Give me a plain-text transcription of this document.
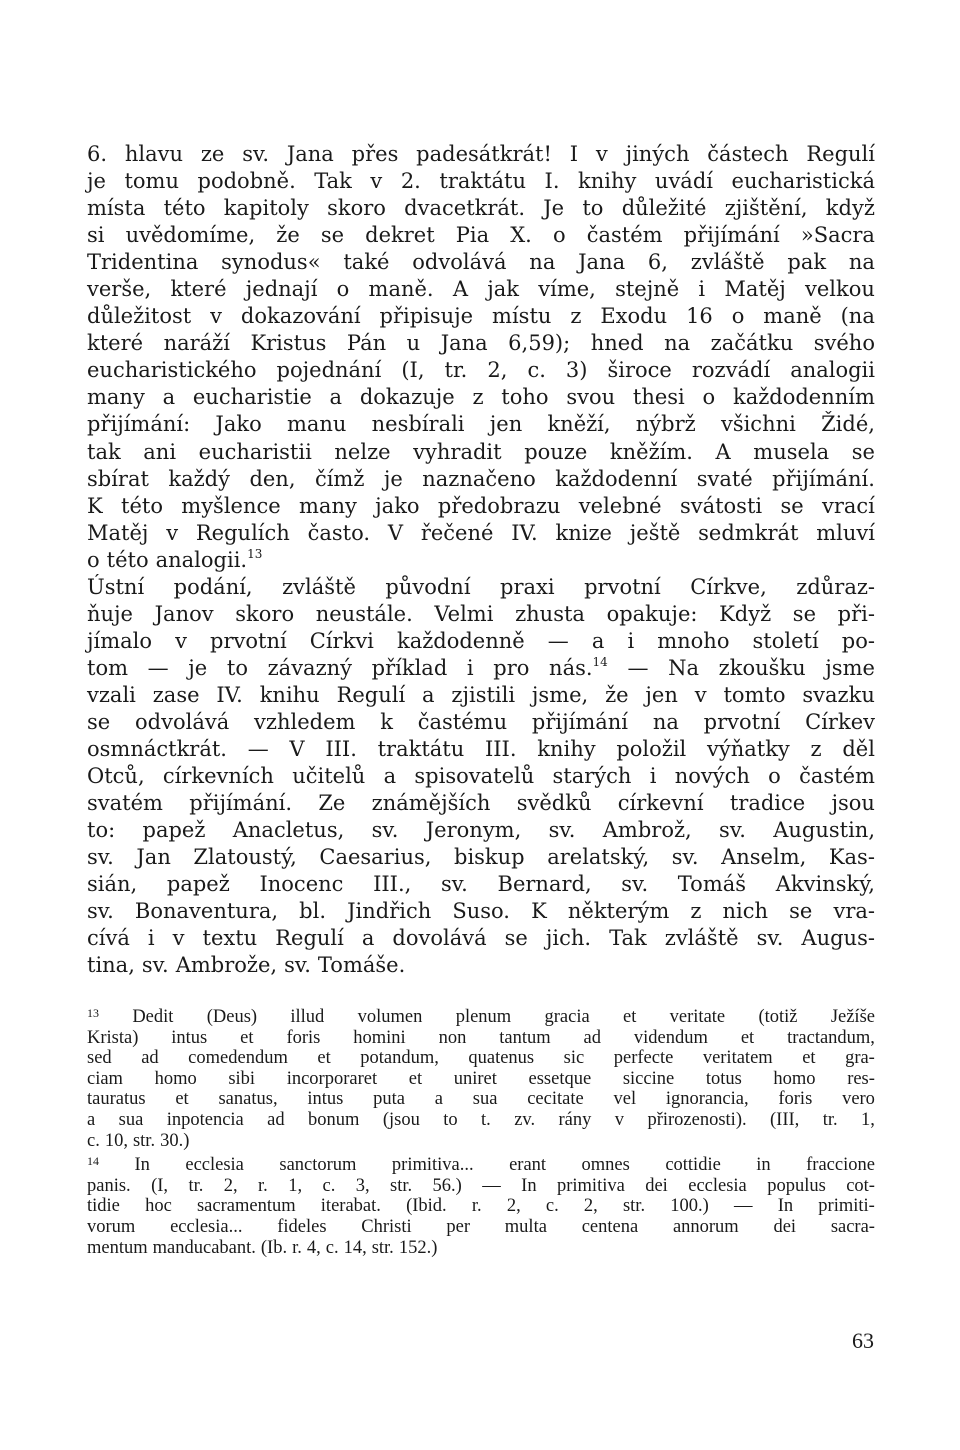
6. hlavu ze sv. Jana přes padesátkrát! I v jiných částech Regulí
je tomu podobně. Tak v 2. traktátu I. knihy uvádí eucharistická
místa této kapitoly skoro dvacetkrát. Je to důležité zjištění, když
si uvědomíme, že se dekret Pia X. o častém přijímání »Sacra
Tridentina synodus« také odvolává na Jana 6, zvláště pak na
verše, které jednají o maně. A jak víme, stejně i Matěj velkou
důležitost v dokazování připisuje místu z Exodu 16 o maně (na
které naráží Kristus Pán u Jana 6,59); hned na začátku svého
eucharistického pojednání (I, tr. 2, c. 3) široce rozvádí analogii
many a eucharistie a dokazuje z toho svou thesi o každodenním
přijímání: Jako manu nesbírali jen kněží, nýbrž všichni Židé,
tak ani eucharistii nelze vyhradit pouze kněžím. A musela se
sbírat každý den, čímž je naznačeno každodenní svaté přijímání.
K této myšlence many jako předobrazu velebné svátosti se vrací
Matěj v Regulích často. V řečené IV. knize ještě sedmkrát mluví
o této analogii.$^{13}$
Ústní podání, zvláště původní praxi prvotní Církve, zdůraz-
ňuje Janov skoro neustále. Velmi zhusta opakuje: Když se při-
jímalo v prvotní Církvi každodenně — a i mnoho století po-
tom — je to závazný příklad i pro nás.$^{14}$ — Na zkoušku jsme
vzali zase IV. knihu Regulí a zjistili jsme, že jen v tomto svazku
se odvolává vzhledem k častému přijímání na prvotní Církev
osmnáctkrát. — V III. traktátu III. knihy položil výňatky z děl
Otců, církevních učitelů a spisovatelů starých i nových o častém
svatém přijímání. Ze známějších svědků církevní tradice jsou
to: papež Anacletus, sv. Jeronym, sv. Ambrož, sv. Augustin,
sv. Jan Zlatoustý, Caesarius, biskup arelatský, sv. Anselm, Kas-
sián, papež Inocenc III., sv. Bernard, sv. Tomáš Akvinský,
sv. Bonaventura, bl. Jindřich Suso. K některým z nich se vra-
cívá i v textu Regulí a dovolává se jich. Tak zvláště sv. Augus-
tina, sv. Ambrože, sv. Tomáše.
$^{13}$ Dedit (Deus) illud volumen plenum gracia et veritate (totiž Ježíše
Krista) intus et foris homini non tantum ad videndum et tractandum,
sed ad comedendum et potandum, quatenus sic perfecte veritatem et gra-
ciam homo sibi incorporaret et uniret essetque siccine totus homo res-
tauratus et sanatus, intus puta a sua cecitate vel ignorancia, foris vero
a sua inpotencia ad bonum (jsou to t. zv. rány v přirozenosti). (III, tr. 1,
c. 10, str. 30.)
$^{14}$ In ecclesia sanctorum primitiva... erant omnes cottidie in fraccione
panis. (I, tr. 2, r. 1, c. 3, str. 56.) — In primitiva dei ecclesia populus cot-
tidie hoc sacramentum iterabat. (Ibid. r. 2, c. 2, str. 100.) — In primiti-
vorum ecclesia... fideles Christi per multa centena annorum dei sacra-
mentum manducabant. (Ib. r. 4, c. 14, str. 152.)
63
